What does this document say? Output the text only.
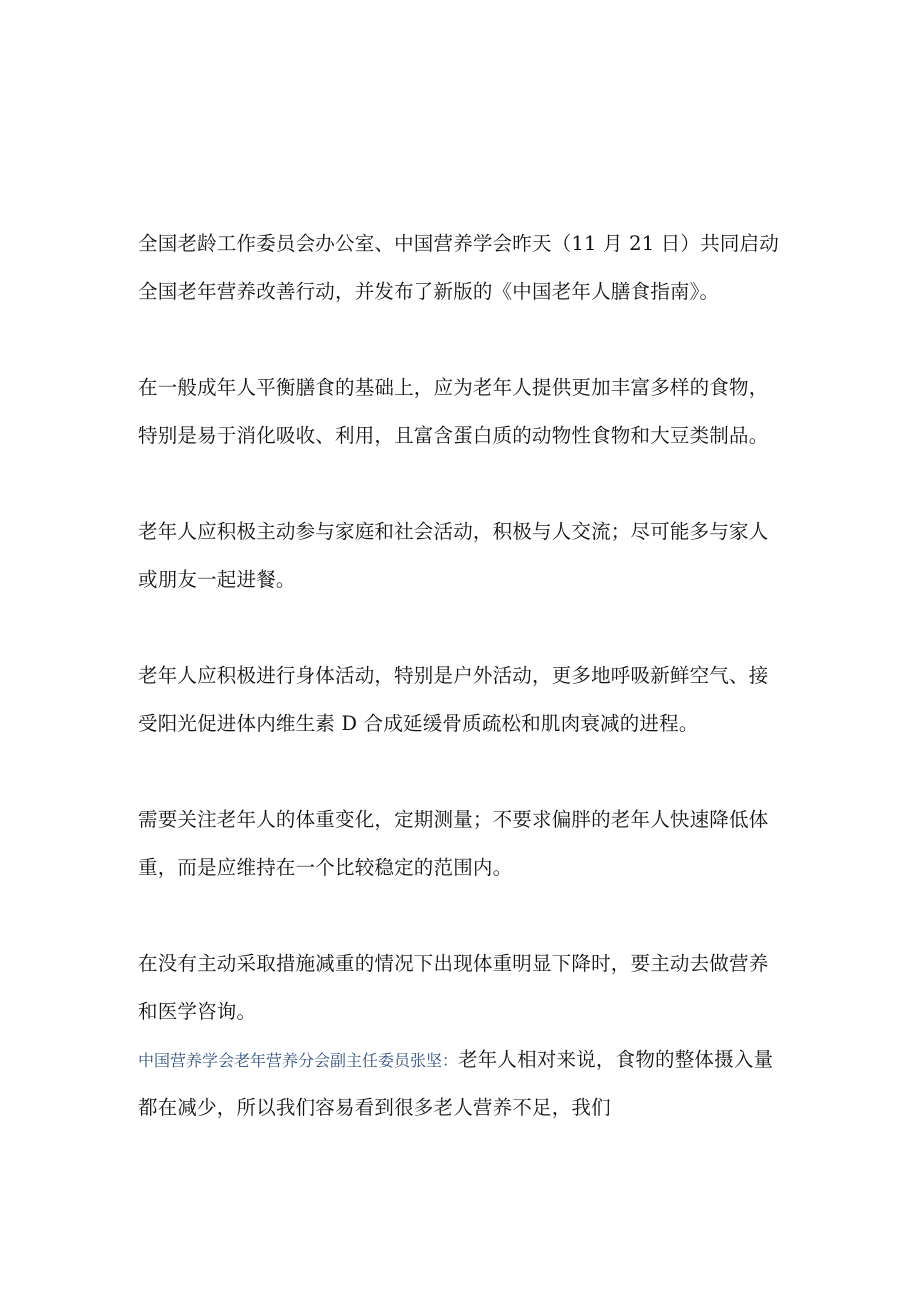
全国老龄工作委员会办公室、中国营养学会昨天（11 月 21 日）共同启动全国老年营养改善行动，并发布了新版的《中国老年人膳食指南》。

在一般成年人平衡膳食的基础上，应为老年人提供更加丰富多样的食物，特别是易于消化吸收、利用，且富含蛋白质的动物性食物和大豆类制品。

老年人应积极主动参与家庭和社会活动，积极与人交流；尽可能多与家人或朋友一起进餐。

老年人应积极进行身体活动，特别是户外活动，更多地呼吸新鲜空气、接受阳光促进体内维生素 D 合成延缓骨质疏松和肌肉衰减的进程。

需要关注老年人的体重变化，定期测量；不要求偏胖的老年人快速降低体重，而是应维持在一个比较稳定的范围内。

在没有主动采取措施减重的情况下出现体重明显下降时，要主动去做营养和医学咨询。

中国营养学会老年营养分会副主任委员张坚：老年人相对来说，食物的整体摄入量都在减少，所以我们容易看到很多老人营养不足，我们
